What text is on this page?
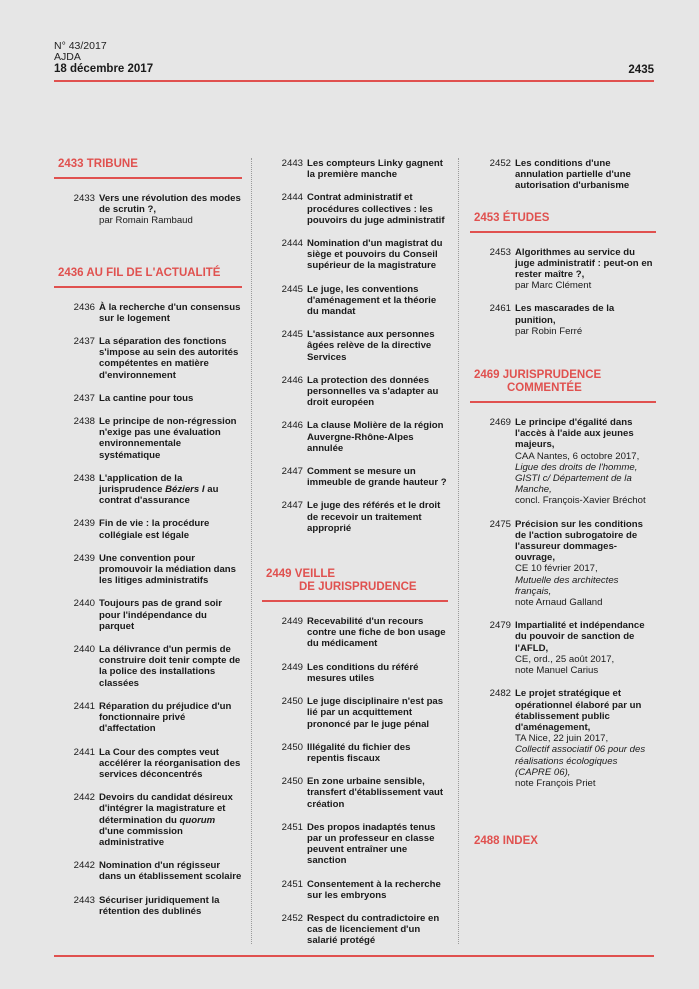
N° 43/2017
AJDA
18 décembre 2017	2435
2433 TRIBUNE
2433 Vers une révolution des modes de scrutin ?,
par Romain Rambaud
2436 AU FIL DE L'ACTUALITÉ
2436 À la recherche d'un consensus sur le logement
2437 La séparation des fonctions s'impose au sein des autorités compétentes en matière d'environnement
2437 La cantine pour tous
2438 Le principe de non-régression n'exige pas une évaluation environnementale systématique
2438 L'application de la jurisprudence Béziers I au contrat d'assurance
2439 Fin de vie : la procédure collégiale est légale
2439 Une convention pour promouvoir la médiation dans les litiges administratifs
2440 Toujours pas de grand soir pour l'indépendance du parquet
2440 La délivrance d'un permis de construire doit tenir compte de la police des installations classées
2441 Réparation du préjudice d'un fonctionnaire privé d'affectation
2441 La Cour des comptes veut accélérer la réorganisation des services déconcentrés
2442 Devoirs du candidat désireux d'intégrer la magistrature et détermination du quorum d'une commission administrative
2442 Nomination d'un régisseur dans un établissement scolaire
2443 Sécuriser juridiquement la rétention des dublinés
2443 Les compteurs Linky gagnent la première manche
2444 Contrat administratif et procédures collectives : les pouvoirs du juge administratif
2444 Nomination d'un magistrat du siège et pouvoirs du Conseil supérieur de la magistrature
2445 Le juge, les conventions d'aménagement et la théorie du mandat
2445 L'assistance aux personnes âgées relève de la directive Services
2446 La protection des données personnelles va s'adapter au droit européen
2446 La clause Molière de la région Auvergne-Rhône-Alpes annulée
2447 Comment se mesure un immeuble de grande hauteur ?
2447 Le juge des référés et le droit de recevoir un traitement approprié
2449 VEILLE
DE JURISPRUDENCE
2449 Recevabilité d'un recours contre une fiche de bon usage du médicament
2449 Les conditions du référé mesures utiles
2450 Le juge disciplinaire n'est pas lié par un acquittement prononcé par le juge pénal
2450 Illégalité du fichier des repentis fiscaux
2450 En zone urbaine sensible, transfert d'établissement vaut création
2451 Des propos inadaptés tenus par un professeur en classe peuvent entraîner une sanction
2451 Consentement à la recherche sur les embryons
2452 Respect du contradictoire en cas de licenciement d'un salarié protégé
2452 Les conditions d'une annulation partielle d'une autorisation d'urbanisme
2453 ÉTUDES
2453 Algorithmes au service du juge administratif : peut-on en rester maître ?,
par Marc Clément
2461 Les mascarades de la punition,
par Robin Ferré
2469 JURISPRUDENCE
COMMENTÉE
2469 Le principe d'égalité dans l'accès à l'aide aux jeunes majeurs,
CAA Nantes, 6 octobre 2017,
Ligue des droits de l'homme, GISTI c/ Département de la Manche,
concl. François-Xavier Bréchot
2475 Précision sur les conditions de l'action subrogatoire de l'assureur dommages-ouvrage,
CE 10 février 2017,
Mutuelle des architectes français,
note Arnaud Galland
2479 Impartialité et indépendance du pouvoir de sanction de l'AFLD,
CE, ord., 25 août 2017,
note Manuel Carius
2482 Le projet stratégique et opérationnel élaboré par un établissement public d'aménagement,
TA Nice, 22 juin 2017,
Collectif associatif 06 pour des réalisations écologiques (CAPRE 06),
note François Priet
2488 INDEX
